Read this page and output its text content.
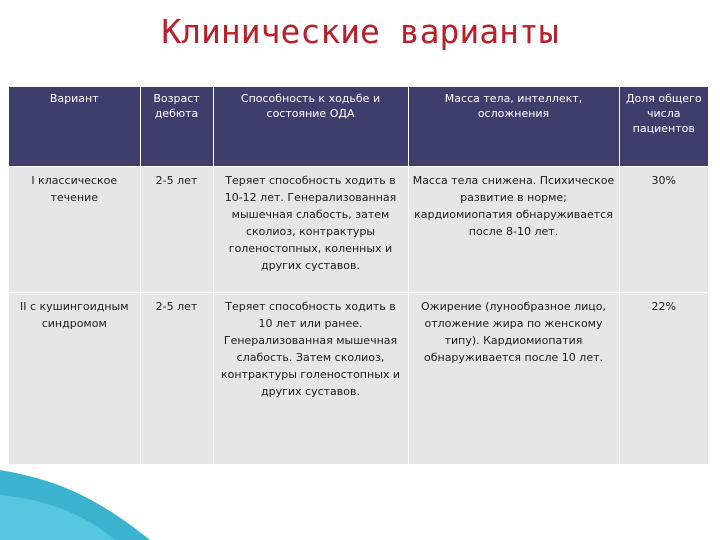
Клинические варианты
Вариант	Возраст дебюта	Способность к ходьбе и состояние ОДА	Масса тела, интеллект, осложнения	Доля общего числа пациентов
I классическое течение	2-5 лет	Теряет способность ходить в 10-12 лет. Генерализованная мышечная слабость, затем сколиоз, контрактуры голеностопных, коленных и других суставов.	Масса тела снижена. Психическое развитие в норме; кардиомиопатия обнаруживается после 8-10 лет.	30%
II с кушингоидным синдромом	2-5 лет	Теряет способность ходить в 10 лет или ранее. Генерализованная мышечная слабость. Затем сколиоз, контрактуры голеностопных и других суставов.	Ожирение (лунообразное лицо, отложение жира по женскому типу). Кардиомиопатия обнаруживается после 10 лет.	22%
